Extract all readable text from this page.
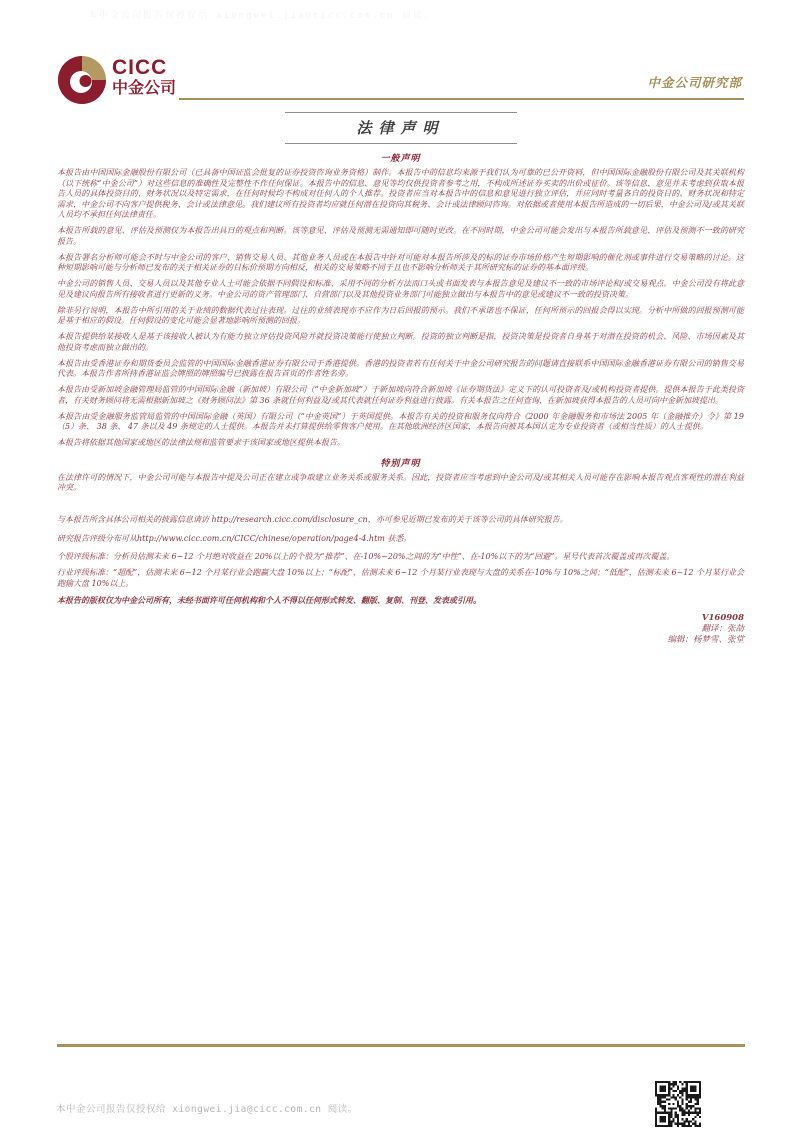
本中金公司报告仅授权给 xiongwei.jia@cicc.com.cn 阅读。
CICC
中金公司	中金公司研究部
法律声明
一般声明

本报告由中国国际金融股份有限公司（已具备中国证监会批复的证券投资咨询业务资格）制作。本报告中的信息均来源于我们认为可靠的已公开资料，但中国国际金融股份有限公司及其关联机构（以下统称“中金公司”）对这些信息的准确性及完整性不作任何保证。本报告中的信息、意见等均仅供投资者参考之用，不构成所述证券买卖的出价或征价。该等信息、意见并未考虑到获取本报告人员的具体投资目的、财务状况以及特定需求，在任何时候均不构成对任何人的个人推荐。投资者应当对本报告中的信息和意见进行独立评估，并应同时考量各自的投资目的、财务状况和特定需求，中金公司不向客户提供税务、会计或法律意见。我们建议所有投资者均应就任何潜在投资向其税务、会计或法律顾问咨询。对依据或者使用本报告所造成的一切后果，中金公司及/或其关联人员均不承担任何法律责任。

本报告所载的意见、评估及预测仅为本报告出具日的观点和判断。该等意见、评估及预测无需通知即可随时更改。在不同时期，中金公司可能会发出与本报告所载意见、评估及预测不一致的研究报告。

本报告署名分析师可能会不时与中金公司的客户、销售交易人员、其他业务人员或在本报告中针对可能对本报告所涉及的标的证券市场价格产生短期影响的催化剂或事件进行交易策略的讨论。这种短期影响可能与分析师已发布的关于相关证券的目标价预期方向相反，相关的交易策略不同于且也不影响分析师关于其所研究标的证券的基本面评级。

中金公司的销售人员、交易人员以及其他专业人士可能会依据不同假设和标准、采用不同的分析方法而口头或书面发表与本报告意见及建议不一致的市场评论和/或交易观点。中金公司没有将此意见及建议向报告所有接收者进行更新的义务。中金公司的资产管理部门、自营部门以及其他投资业务部门可能独立做出与本报告中的意见或建议不一致的投资决策。

除非另行说明，本报告中所引用的关于业绩的数据代表过往表现。过往的业绩表现亦不应作为日后回报的预示。我们不承诺也不保证，任何所预示的回报会得以实现。分析中所做的回报预测可能是基于相应的假设。任何假设的变化可能会显著地影响所预测的回报。

本报告提供给某接收人是基于该接收人被认为有能力独立评估投资风险并就投资决策能行使独立判断。投资的独立判断是指，投资决策是投资者自身基于对潜在投资的机会、风险、市场因素及其他投资考虑而独立做出的。

本报告由受香港证券和期货委员会监管的中国国际金融香港证券有限公司于香港提供。香港的投资者若有任何关于中金公司研究报告的问题请直接联系中国国际金融香港证券有限公司的销售交易代表。本报告作者所持香港证监会牌照的牌照编号已披露在报告首页的作者姓名旁。

本报告由受新加坡金融管理局监管的中国国际金融（新加坡）有限公司（“中金新加坡”）于新加坡向符合新加坡《证券期货法》定义下的认可投资者及/或机构投资者提供。提供本报告于此类投资者，有关财务顾问将无需根据新加坡之《财务顾问法》第 36 条就任何利益及/或其代表就任何证券利益进行披露。有关本报告之任何查询，在新加坡获得本报告的人员可向中金新加坡提出。

本报告由受金融服务监管局监管的中国国际金融（英国）有限公司（“中金英国”）于英国提供。本报告有关的投资和服务仅向符合《2000 年金融服务和市场法 2005 年（金融推介）令》第 19（5）条、 38 条、 47 条以及 49 条规定的人士提供。本报告并未打算提供给零售客户使用。在其他欧洲经济区国家，本报告向被其本国认定为专业投资者（或相当性质）的人士提供。

本报告将依据其他国家或地区的法律法规和监管要求于该国家或地区提供本报告。

特别声明

在法律许可的情况下，中金公司可能与本报告中提及公司正在建立或争取建立业务关系或服务关系。因此，投资者应当考虑到中金公司及/或其相关人员可能存在影响本报告观点客观性的潜在利益冲突。

与本报告所含具体公司相关的披露信息请访 http://research.cicc.com/disclosure_cn，亦可参见近期已发布的关于该等公司的具体研究报告。

研究报告评级分布可从http://www.cicc.com.cn/CICC/chinese/operation/page4-4.htm 获悉。

个股评级标准：分析员估测未来 6~12 个月绝对收益在 20%以上的个股为“推荐”、在-10%~20%之间的为“中性”、在-10%以下的为“回避”。星号代表首次覆盖或再次覆盖。

行业评级标准：“超配”，估测未来 6~12 个月某行业会跑赢大盘 10%以上；“标配”，估测未来 6~12 个月某行业表现与大盘的关系在-10%与 10%之间；“低配”，估测未来 6~12 个月某行业会跑输大盘 10%以上。

本报告的版权仅为中金公司所有，未经书面许可任何机构和个人不得以任何形式转发、翻版、复制、刊登、发表或引用。

V160908
翻译：张劼
编辑：杨梦雪、张堂
本中金公司报告仅授权给 xiongwei.jia@cicc.com.cn 阅读。
